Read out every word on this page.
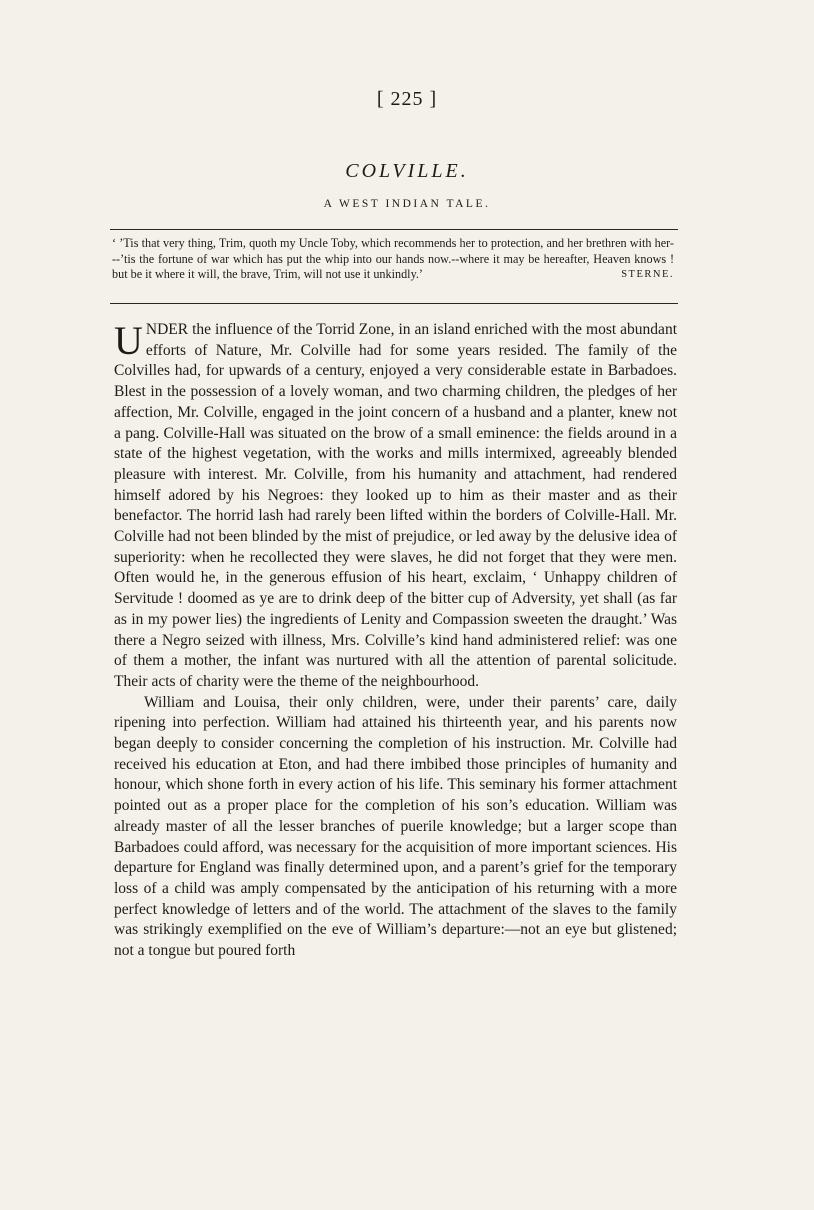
[ 225 ]
COLVILLE.
A WEST INDIAN TALE.
‘ ’Tis that very thing, Trim, quoth my Uncle Toby, which recommends her to protection, and her brethren with her---’tis the fortune of war which has put the whip into our hands now.--where it may be hereafter, Heaven knows ! but be it where it will, the brave, Trim, will not use it unkindly.’	STERNE.

UNDER the influence of the Torrid Zone, in an island enriched with the most abundant efforts of Nature, Mr. Colville had for some years resided. The family of the Colvilles had, for upwards of a century, enjoyed a very considerable estate in Barbadoes. Blest in the possession of a lovely woman, and two charming children, the pledges of her affection, Mr. Colville, engaged in the joint concern of a husband and a planter, knew not a pang. Colville-Hall was situated on the brow of a small eminence: the fields around in a state of the highest vegetation, with the works and mills intermixed, agreeably blended pleasure with interest. Mr. Colville, from his humanity and attachment, had rendered himself adored by his Negroes: they looked up to him as their master and as their benefactor. The horrid lash had rarely been lifted within the borders of Colville-Hall. Mr. Colville had not been blinded by the mist of prejudice, or led away by the delusive idea of superiority: when he recollected they were slaves, he did not forget that they were men. Often would he, in the generous effusion of his heart, exclaim, ‘ Unhappy children of Servitude ! doomed as ye are to drink deep of the bitter cup of Adversity, yet shall (as far as in my power lies) the ingredients of Lenity and Compassion sweeten the draught.’ Was there a Negro seized with illness, Mrs. Colville’s kind hand administered relief: was one of them a mother, the infant was nurtured with all the attention of parental solicitude. Their acts of charity were the theme of the neighbourhood.

William and Louisa, their only children, were, under their parents’ care, daily ripening into perfection. William had attained his thirteenth year, and his parents now began deeply to consider concerning the completion of his instruction. Mr. Colville had received his education at Eton, and had there imbibed those principles of humanity and honour, which shone forth in every action of his life. This seminary his former attachment pointed out as a proper place for the completion of his son’s education. William was already master of all the lesser branches of puerile knowledge; but a larger scope than Barbadoes could afford, was necessary for the acquisition of more important sciences. His departure for England was finally determined upon, and a parent’s grief for the temporary loss of a child was amply compensated by the anticipation of his returning with a more perfect knowledge of letters and of the world. The attachment of the slaves to the family was strikingly exemplified on the eve of William’s departure:—not an eye but glistened; not a tongue but poured forth
